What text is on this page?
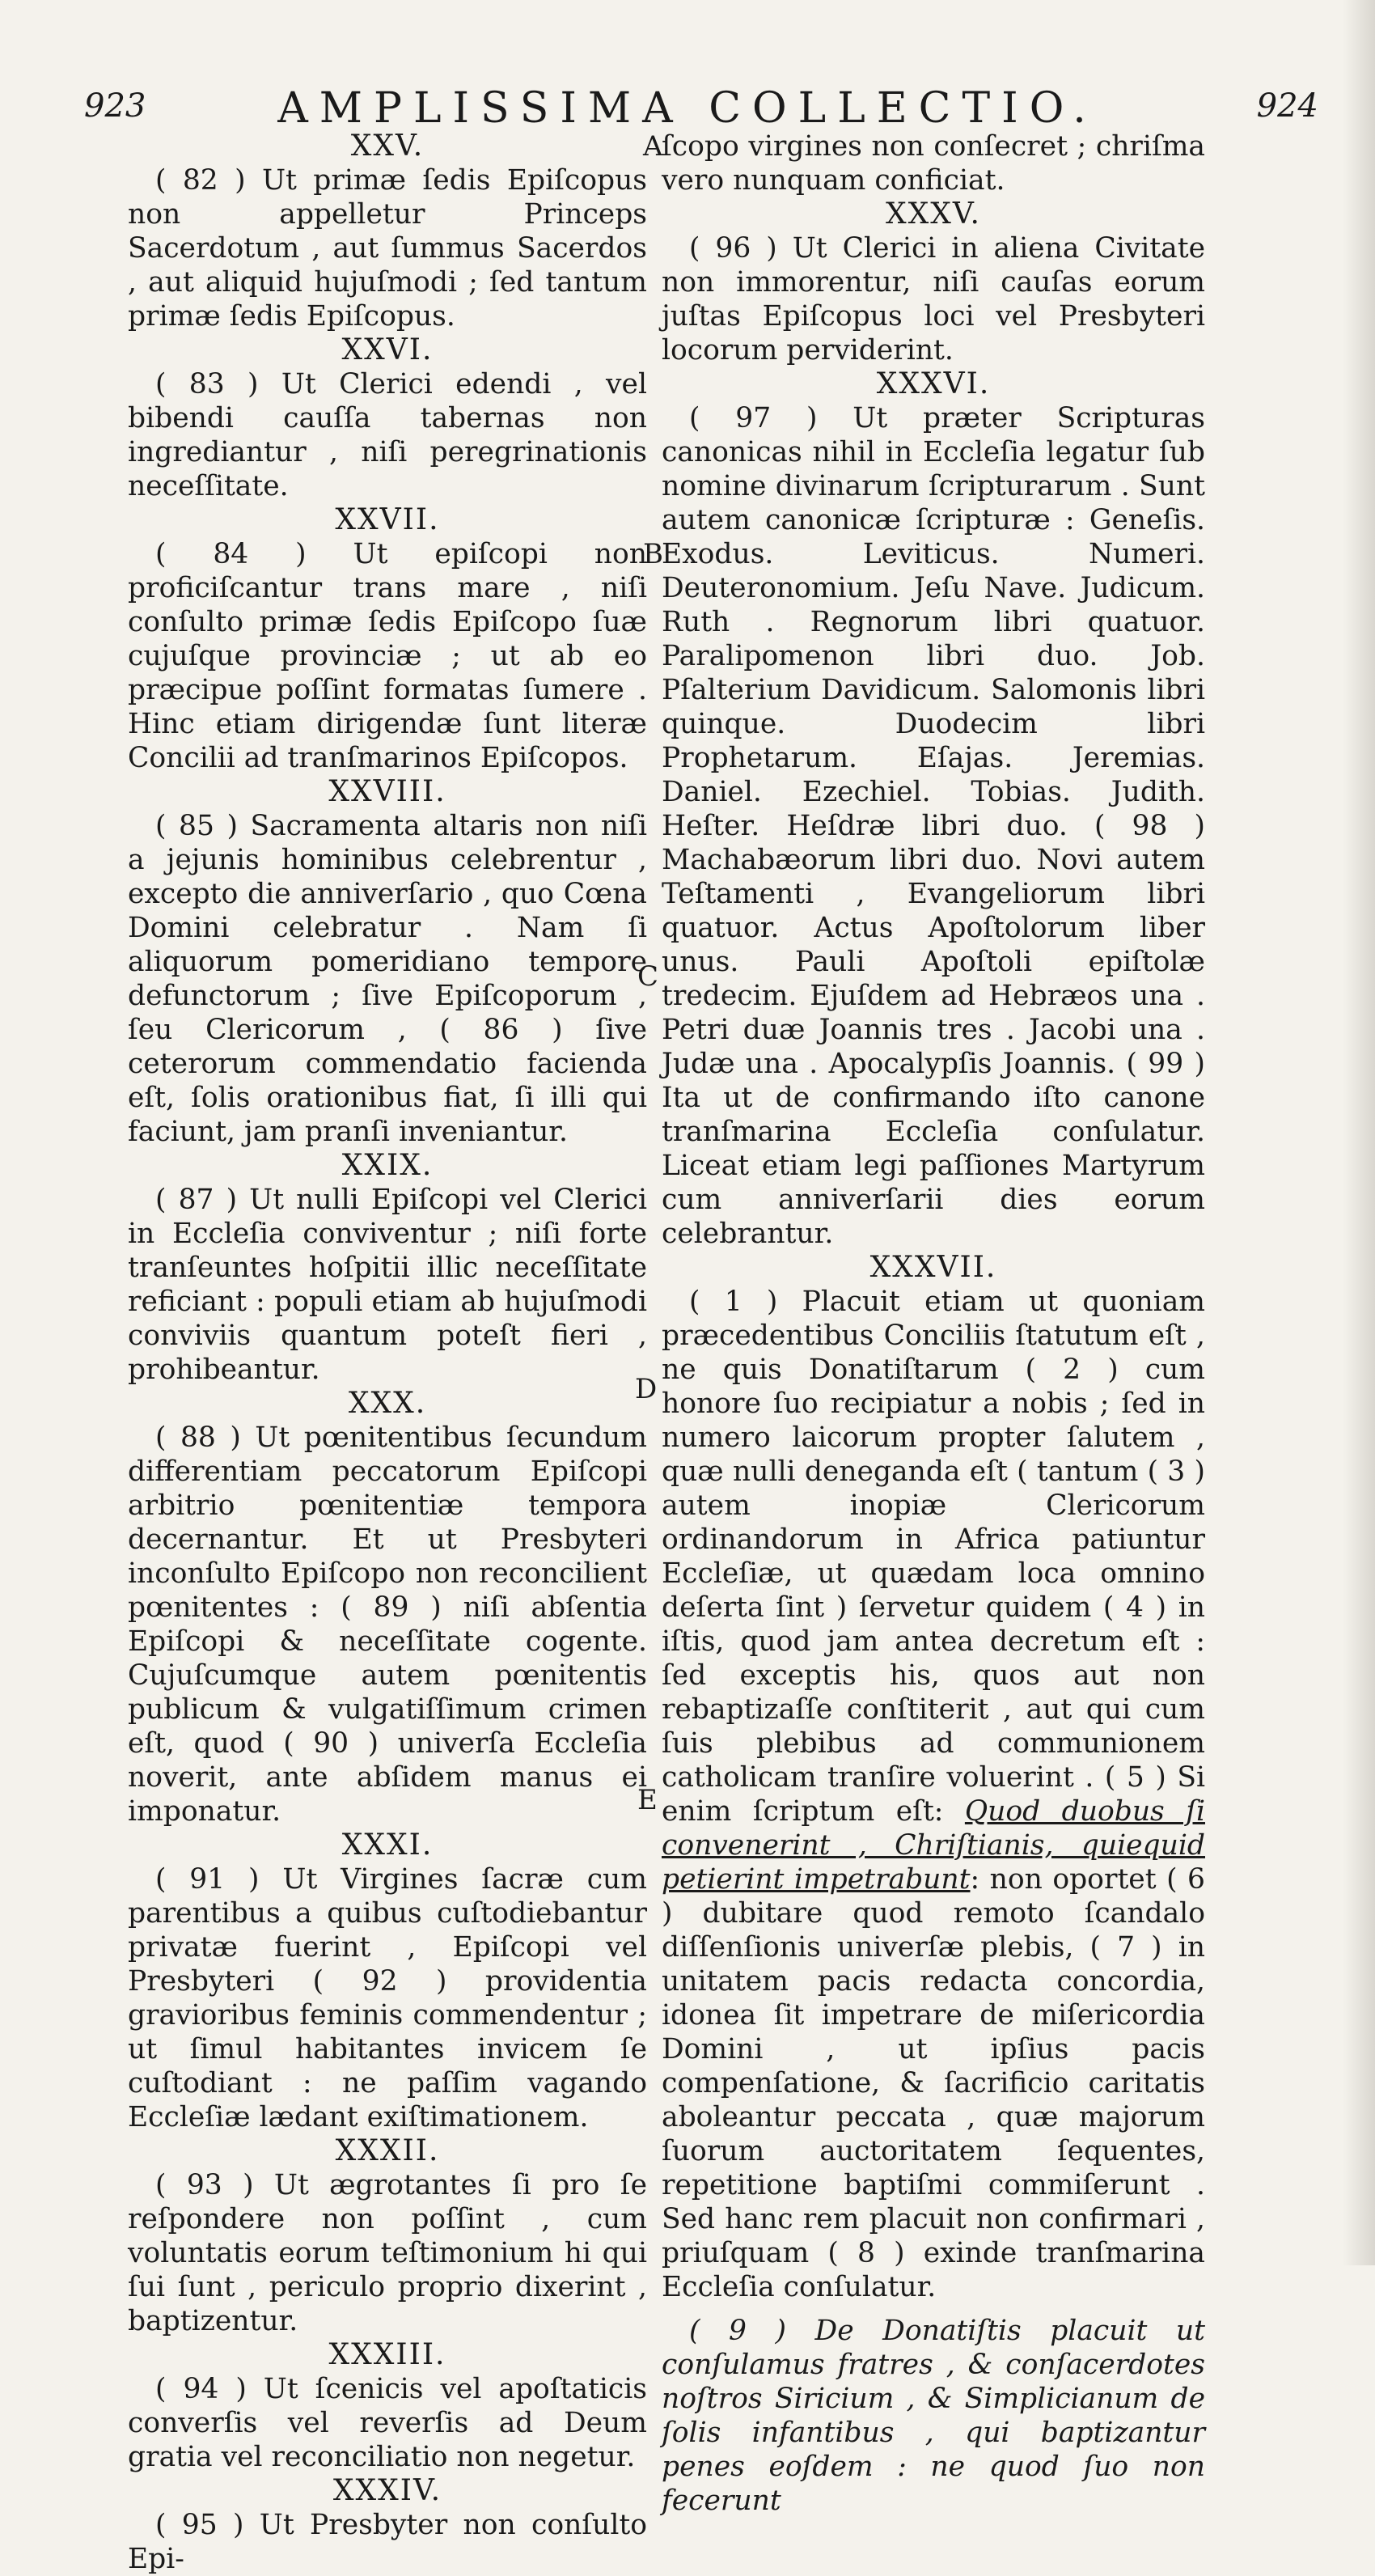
923	AMPLISSIMA COLLECTIO.	924
A
B
C
D
E
XXV.

( 82 ) Ut primæ ſedis Epiſcopus non appelletur Princeps Sacerdotum , aut ſummus Sacerdos , aut aliquid hujuſmodi ; ſed tantum primæ ſedis Epiſcopus.

XXVI.

( 83 ) Ut Clerici edendi , vel bibendi cauſſa tabernas non ingrediantur , niſi peregrinationis neceſſitate.

XXVII.

( 84 ) Ut epiſcopi non proficiſcantur trans mare , niſi conſulto primæ ſedis Epiſcopo ſuæ cujuſque provinciæ ; ut ab eo præcipue poſſint formatas ſumere . Hinc etiam dirigendæ ſunt literæ Concilii ad tranſmarinos Epiſcopos.

XXVIII.

( 85 ) Sacramenta altaris non niſi a jejunis hominibus celebrentur , excepto die anniverſario , quo Cœna Domini celebratur . Nam ſi aliquorum pomeridiano tempore defunctorum ; ſive Epiſcoporum , ſeu Clericorum , ( 86 ) ſive ceterorum commendatio facienda eſt, ſolis orationibus fiat, ſi illi qui faciunt, jam pranſi inveniantur.

XXIX.

( 87 ) Ut nulli Epiſcopi vel Clerici in Eccleſia conviventur ; niſi forte tranſeuntes hoſpitii illic neceſſitate reficiant : populi etiam ab hujuſmodi conviviis quantum poteſt fieri , prohibeantur.

XXX.

( 88 ) Ut pœnitentibus ſecundum differentiam peccatorum Epiſcopi arbitrio pœnitentiæ tempora decernantur. Et ut Presbyteri inconſulto Epiſcopo non reconcilient pœnitentes : ( 89 ) niſi abſentia Epiſcopi & neceſſitate cogente. Cujuſcumque autem pœnitentis publicum & vulgatiſſimum crimen eſt, quod ( 90 ) univerſa Eccleſia noverit, ante abſidem manus ei imponatur.

XXXI.

( 91 ) Ut Virgines ſacræ cum parentibus a quibus cuſtodiebantur privatæ fuerint , Epiſcopi vel Presbyteri ( 92 ) providentia gravioribus feminis commendentur ; ut ſimul habitantes invicem ſe cuſtodiant : ne paſſim vagando Eccleſiæ lædant exiſtimationem.

XXXII.

( 93 ) Ut ægrotantes ſi pro ſe reſpondere non poſſint , cum voluntatis eorum teſtimonium hi qui ſui ſunt , periculo proprio dixerint , baptizentur.

XXXIII.

( 94 ) Ut ſcenicis vel apoſtaticis converſis vel reverſis ad Deum gratia vel reconciliatio non negetur.

XXXIV.

( 95 ) Ut Presbyter non conſulto Epi-

ſcopo virgines non conſecret ; chriſma vero nunquam conficiat.

XXXV.

( 96 ) Ut Clerici in aliena Civitate non immorentur, niſi cauſas eorum juſtas Epiſcopus loci vel Presbyteri locorum perviderint.

XXXVI.

( 97 ) Ut præter Scripturas canonicas nihil in Eccleſia legatur ſub nomine divinarum ſcripturarum . Sunt autem canonicæ ſcripturæ : Geneſis. Exodus. Leviticus. Numeri. Deuteronomium. Jeſu Nave. Judicum. Ruth . Regnorum libri quatuor. Paralipomenon libri duo. Job. Pſalterium Davidicum. Salomonis libri quinque. Duodecim libri Prophetarum. Eſajas. Jeremias. Daniel. Ezechiel. Tobias. Judith. Heſter. Heſdræ libri duo. ( 98 ) Machabæorum libri duo. Novi autem Teſtamenti , Evangeliorum libri quatuor. Actus Apoſtolorum liber unus. Pauli Apoſtoli epiſtolæ tredecim. Ejuſdem ad Hebræos una . Petri duæ Joannis tres . Jacobi una . Judæ una . Apocalypſis Joannis. ( 99 ) Ita ut de confirmando iſto canone tranſmarina Eccleſia conſulatur. Liceat etiam legi paſſiones Martyrum cum anniverſarii dies eorum celebrantur.

XXXVII.

( 1 ) Placuit etiam ut quoniam præcedentibus Conciliis ſtatutum eſt , ne quis Donatiſtarum ( 2 ) cum honore ſuo recipiatur a nobis ; ſed in numero laicorum propter ſalutem , quæ nulli deneganda eſt ( tantum ( 3 ) autem inopiæ Clericorum ordinandorum in Africa patiuntur Eccleſiæ, ut quædam loca omnino deſerta ſint ) ſervetur quidem ( 4 ) in iſtis, quod jam antea decretum eſt : ſed exceptis his, quos aut non rebaptizaſſe conſtiterit , aut qui cum ſuis plebibus ad communionem catholicam tranſire voluerint . ( 5 ) Si enim ſcriptum eſt: Quod duobus ſi convenerint , Chriſtianis, quiequid petierint impetrabunt: non oportet ( 6 ) dubitare quod remoto ſcandalo diſſenſionis univerſæ plebis, ( 7 ) in unitatem pacis redacta concordia, idonea ſit impetrare de miſericordia Domini , ut ipſius pacis compenſatione, & ſacrificio caritatis aboleantur peccata , quæ majorum ſuorum auctoritatem ſequentes, repetitione baptiſmi commiſerunt . Sed hanc rem placuit non confirmari , priuſquam ( 8 ) exinde tranſmarina Eccleſia conſulatur.

( 9 ) De Donatiſtis placuit ut conſulamus fratres , & conſacerdotes noſtros Siricium , & Simplicianum de ſolis infantibus , qui baptizantur penes eoſdem : ne quod ſuo non fecerunt
